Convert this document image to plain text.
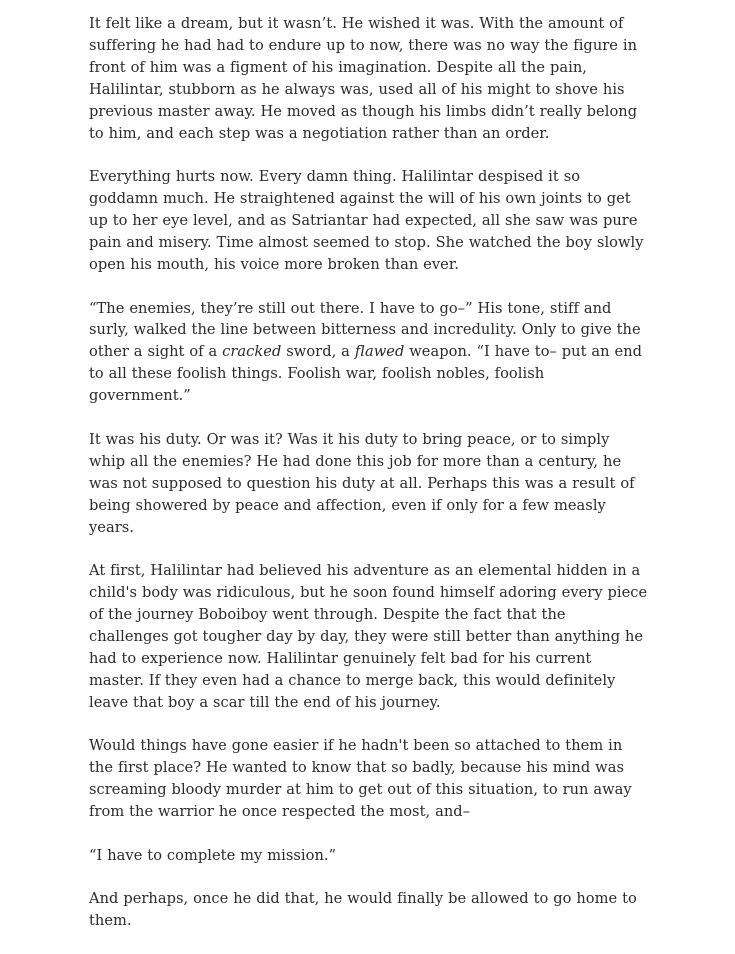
It felt like a dream, but it wasn’t. He wished it was. With the amount of suffering he had had to endure up to now, there was no way the figure in front of him was a figment of his imagination. Despite all the pain, Halilintar, stubborn as he always was, used all of his might to shove his previous master away. He moved as though his limbs didn’t really belong to him, and each step was a negotiation rather than an order.

Everything hurts now. Every damn thing. Halilintar despised it so goddamn much. He straightened against the will of his own joints to get up to her eye level, and as Satriantar had expected, all she saw was pure pain and misery. Time almost seemed to stop. She watched the boy slowly open his mouth, his voice more broken than ever.

“The enemies, they’re still out there. I have to go–” His tone, stiff and surly, walked the line between bitterness and incredulity. Only to give the other a sight of a cracked sword, a flawed weapon. “I have to– put an end to all these foolish things. Foolish war, foolish nobles, foolish government.”

It was his duty. Or was it? Was it his duty to bring peace, or to simply whip all the enemies? He had done this job for more than a century, he was not supposed to question his duty at all. Perhaps this was a result of being showered by peace and affection, even if only for a few measly years.

At first, Halilintar had believed his adventure as an elemental hidden in a child's body was ridiculous, but he soon found himself adoring every piece of the journey Boboiboy went through. Despite the fact that the challenges got tougher day by day, they were still better than anything he had to experience now. Halilintar genuinely felt bad for his current master. If they even had a chance to merge back, this would definitely leave that boy a scar till the end of his journey.

Would things have gone easier if he hadn't been so attached to them in the first place? He wanted to know that so badly, because his mind was screaming bloody murder at him to get out of this situation, to run away from the warrior he once respected the most, and–

“I have to complete my mission.”

And perhaps, once he did that, he would finally be allowed to go home to them.
